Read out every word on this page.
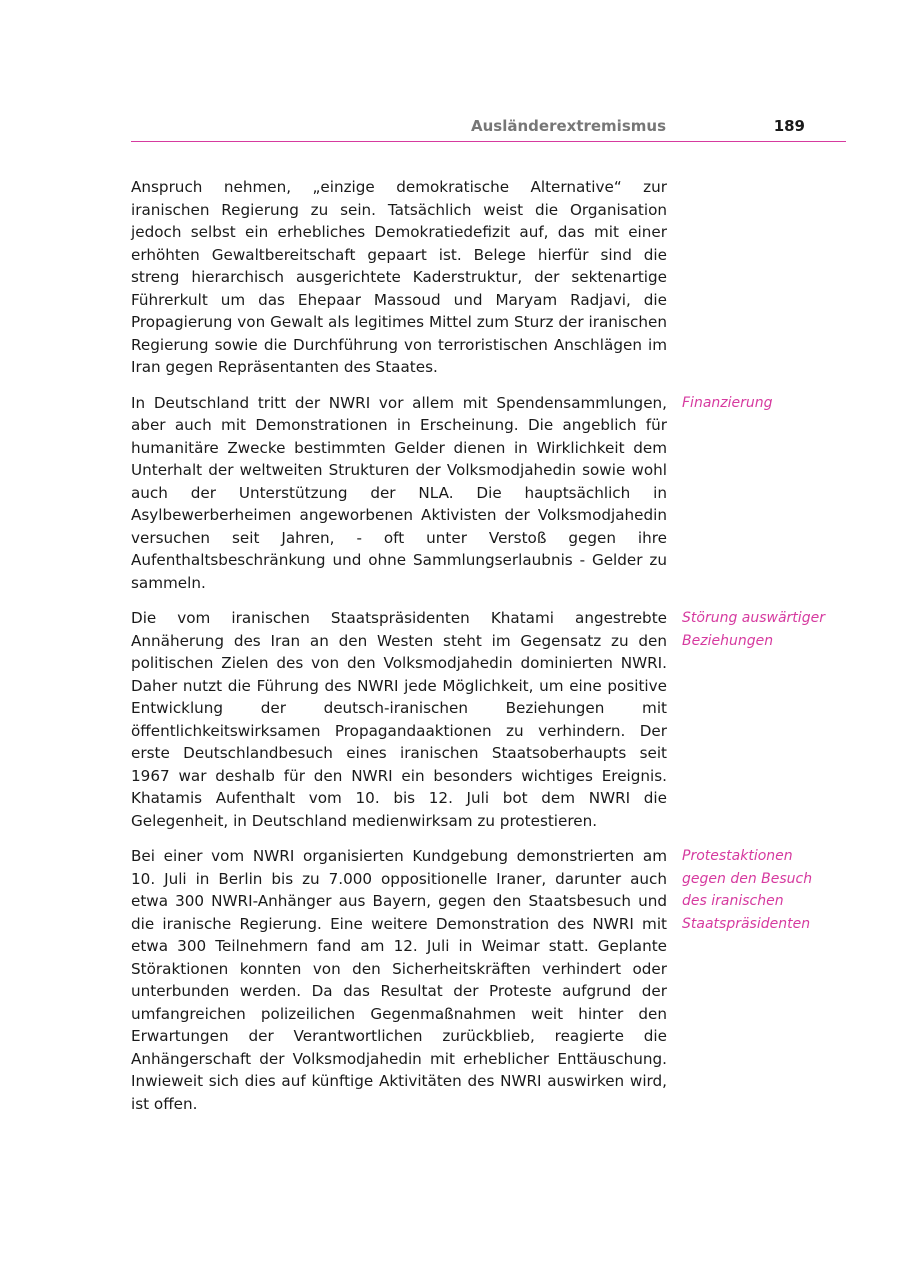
Ausländerextremismus	189

Anspruch nehmen, „einzige demokratische Alternative“ zur iranischen Regierung zu sein. Tatsächlich weist die Organisation jedoch selbst ein erhebliches Demokratiedefizit auf, das mit einer erhöhten Gewaltbereitschaft gepaart ist. Belege hierfür sind die streng hierarchisch ausgerichtete Kaderstruktur, der sektenartige Führerkult um das Ehepaar Massoud und Maryam Radjavi, die Propagierung von Gewalt als legitimes Mittel zum Sturz der iranischen Regierung sowie die Durchführung von terroristischen Anschlägen im Iran gegen Repräsentanten des Staates.

In Deutschland tritt der NWRI vor allem mit Spendensammlungen, aber auch mit Demonstrationen in Erscheinung. Die angeblich für humanitäre Zwecke bestimmten Gelder dienen in Wirklichkeit dem Unterhalt der weltweiten Strukturen der Volksmodjahedin sowie wohl auch der Unterstützung der NLA. Die hauptsächlich in Asylbewerberheimen angeworbenen Aktivisten der Volksmodjahedin versuchen seit Jahren, - oft unter Verstoß gegen ihre Aufenthaltsbeschränkung und ohne Sammlungserlaubnis - Gelder zu sammeln.

Finanzierung

Die vom iranischen Staatspräsidenten Khatami angestrebte Annäherung des Iran an den Westen steht im Gegensatz zu den politischen Zielen des von den Volksmodjahedin dominierten NWRI. Daher nutzt die Führung des NWRI jede Möglichkeit, um eine positive Entwicklung der deutsch-iranischen Beziehungen mit öffentlichkeitswirksamen Propagandaaktionen zu verhindern. Der erste Deutschlandbesuch eines iranischen Staatsoberhaupts seit 1967 war deshalb für den NWRI ein besonders wichtiges Ereignis. Khatamis Aufenthalt vom 10. bis 12. Juli bot dem NWRI die Gelegenheit, in Deutschland medienwirksam zu protestieren.

Störung auswärtiger Beziehungen

Bei einer vom NWRI organisierten Kundgebung demonstrierten am 10. Juli in Berlin bis zu 7.000 oppositionelle Iraner, darunter auch etwa 300 NWRI-Anhänger aus Bayern, gegen den Staatsbesuch und die iranische Regierung. Eine weitere Demonstration des NWRI mit etwa 300 Teilnehmern fand am 12. Juli in Weimar statt. Geplante Störaktionen konnten von den Sicherheitskräften verhindert oder unterbunden werden. Da das Resultat der Proteste aufgrund der umfangreichen polizeilichen Gegenmaßnahmen weit hinter den Erwartungen der Verantwortlichen zurückblieb, reagierte die Anhängerschaft der Volksmodjahedin mit erheblicher Enttäuschung. Inwieweit sich dies auf künftige Aktivitäten des NWRI auswirken wird, ist offen.

Protestaktionen gegen den Besuch des iranischen Staatspräsidenten
